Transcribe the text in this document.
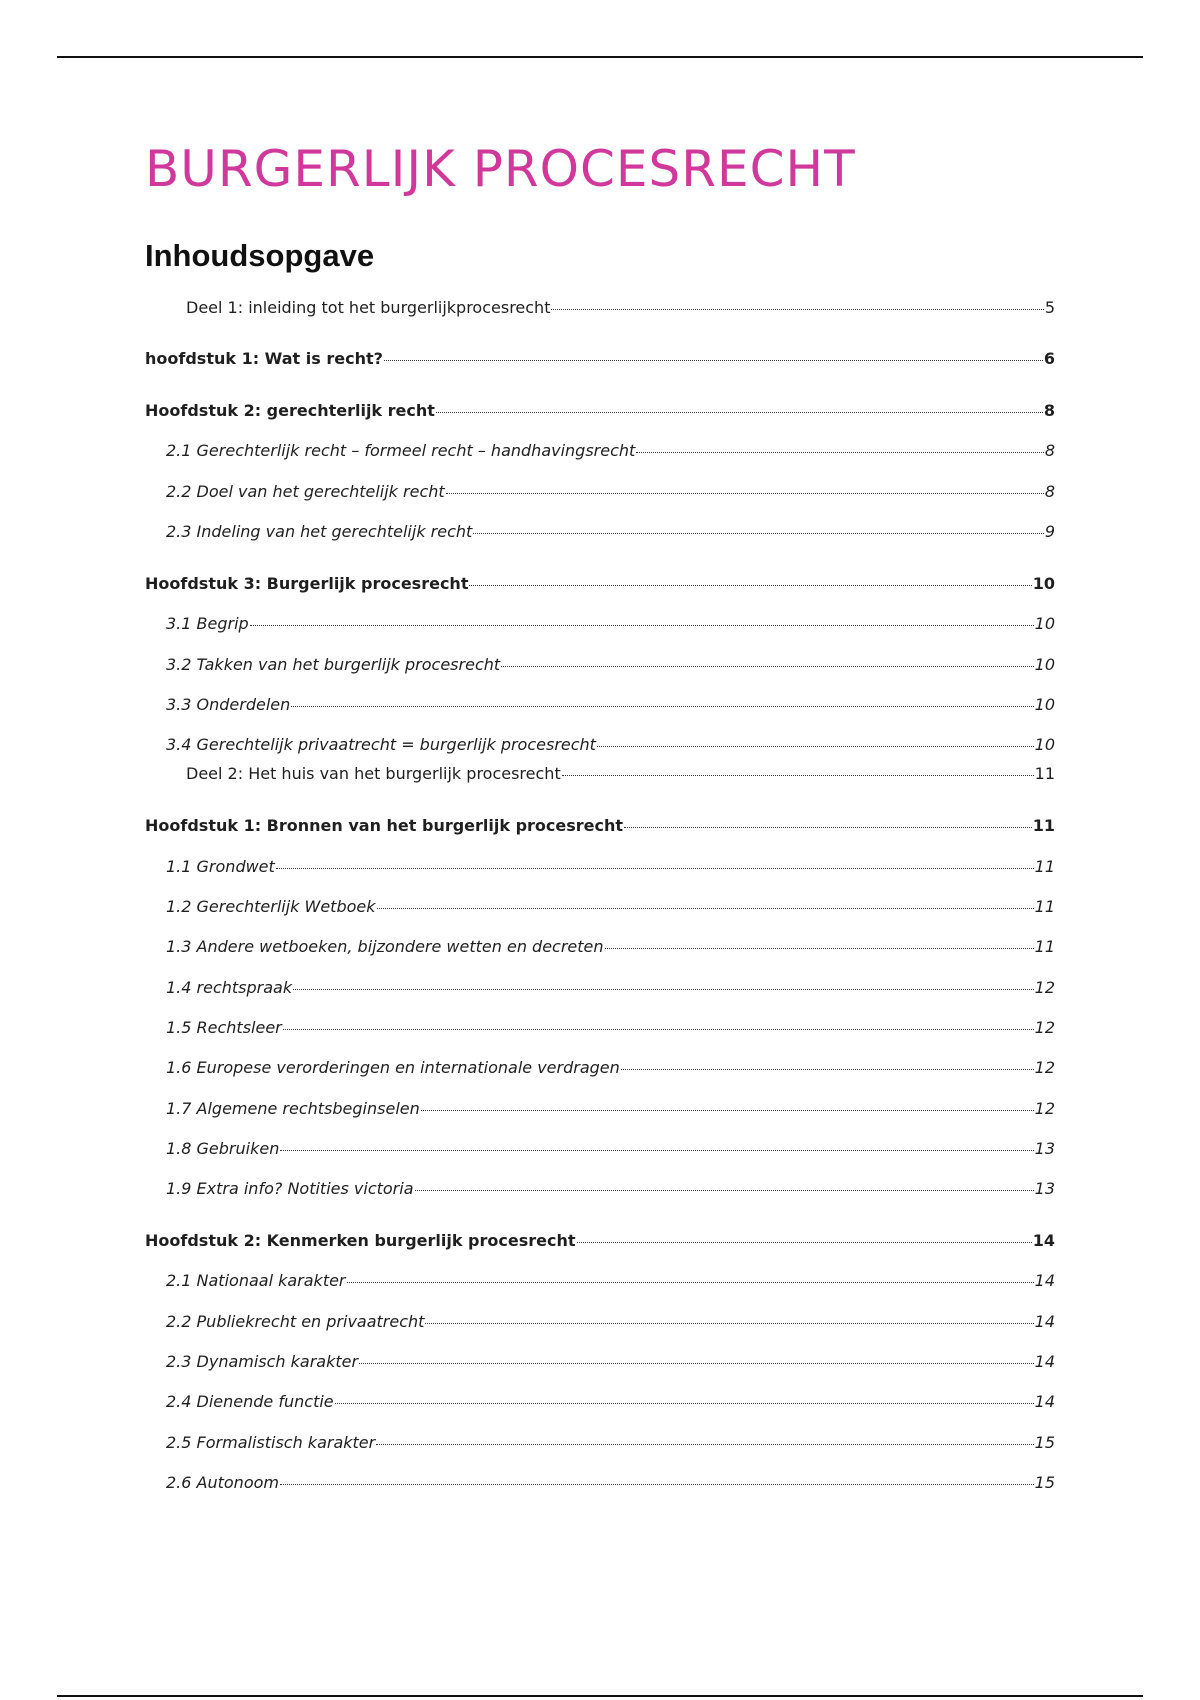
BURGERLIJK PROCESRECHT
Inhoudsopgave
Deel 1: inleiding tot het burgerlijkprocesrecht	5
hoofdstuk 1: Wat is recht?	6
Hoofdstuk 2: gerechterlijk recht	8
2.1 Gerechterlijk recht – formeel recht – handhavingsrecht	8
2.2 Doel van het gerechtelijk recht	8
2.3 Indeling van het gerechtelijk recht	9
Hoofdstuk 3: Burgerlijk procesrecht	10
3.1 Begrip	10
3.2 Takken van het burgerlijk procesrecht	10
3.3 Onderdelen	10
3.4 Gerechtelijk privaatrecht = burgerlijk procesrecht	10
Deel 2: Het huis van het burgerlijk procesrecht	11
Hoofdstuk 1: Bronnen van het burgerlijk procesrecht	11
1.1 Grondwet	11
1.2 Gerechterlijk Wetboek	11
1.3 Andere wetboeken, bijzondere wetten en decreten	11
1.4 rechtspraak	12
1.5 Rechtsleer	12
1.6 Europese verorderingen en internationale verdragen	12
1.7 Algemene rechtsbeginselen	12
1.8 Gebruiken	13
1.9 Extra info? Notities victoria	13
Hoofdstuk 2: Kenmerken burgerlijk procesrecht	14
2.1 Nationaal karakter	14
2.2 Publiekrecht en privaatrecht	14
2.3 Dynamisch karakter	14
2.4 Dienende functie	14
2.5 Formalistisch karakter	15
2.6 Autonoom	15
